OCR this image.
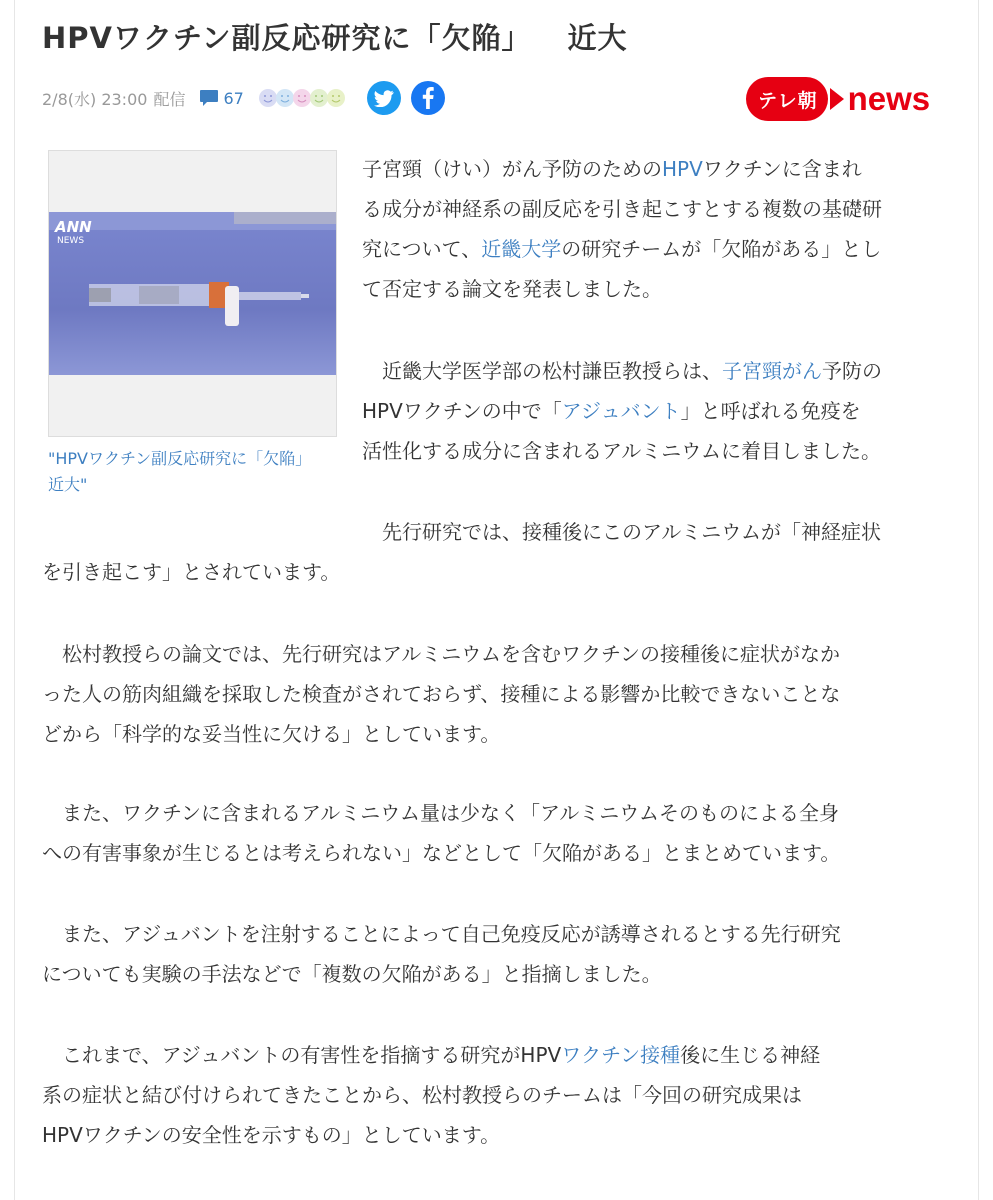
HPVワクチン副反応研究に「欠陥」 近大
2/8(水) 23:00 配信 67	テレ朝 news
ANN
NEWS
"HPVワクチン副反応研究に「欠陥」　近大"

子宮頸（けい）がん予防のためのHPVワクチンに含まれ
る成分が神経系の副反応を引き起こすとする複数の基礎研
究について、近畿大学の研究チームが「欠陥がある」とし
て否定する論文を発表しました。

　近畿大学医学部の松村謙臣教授らは、子宮頸がん予防の
HPVワクチンの中で「アジュバント」と呼ばれる免疫を
活性化する成分に含まれるアルミニウムに着目しました。

　先行研究では、接種後にこのアルミニウムが「神経症状

を引き起こす」とされています。

　松村教授らの論文では、先行研究はアルミニウムを含むワクチンの接種後に症状がなか
った人の筋肉組織を採取した検査がされておらず、接種による影響か比較できないことな
どから「科学的な妥当性に欠ける」としています。

　また、ワクチンに含まれるアルミニウム量は少なく「アルミニウムそのものによる全身
への有害事象が生じるとは考えられない」などとして「欠陥がある」とまとめています。

　また、アジュバントを注射することによって自己免疫反応が誘導されるとする先行研究
についても実験の手法などで「複数の欠陥がある」と指摘しました。

　これまで、アジュバントの有害性を指摘する研究がHPVワクチン接種後に生じる神経
系の症状と結び付けられてきたことから、松村教授らのチームは「今回の研究成果は
HPVワクチンの安全性を示すもの」としています。
